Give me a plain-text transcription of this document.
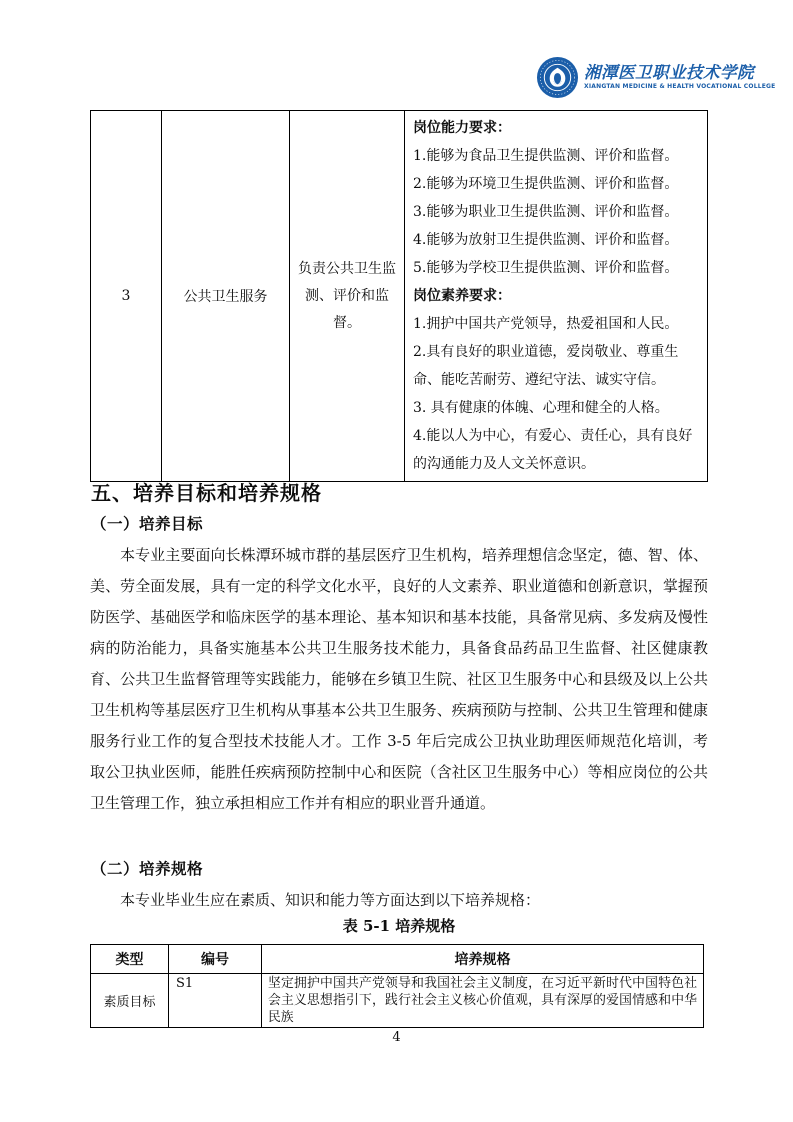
湘潭医卫职业技术学院
XIANGTAN MEDICINE & HEALTH VOCATIONAL COLLEGE
3	公共卫生服务	负责公共卫生监测、评价和监督。	

岗位能力要求：

1.能够为食品卫生提供监测、评价和监督。

2.能够为环境卫生提供监测、评价和监督。

3.能够为职业卫生提供监测、评价和监督。

4.能够为放射卫生提供监测、评价和监督。

5.能够为学校卫生提供监测、评价和监督。

岗位素养要求：

1.拥护中国共产党领导，热爱祖国和人民。

2.具有良好的职业道德，爱岗敬业、尊重生命、能吃苦耐劳、遵纪守法、诚实守信。

3. 具有健康的体魄、心理和健全的人格。

4.能以人为中心，有爱心、责任心，具有良好的沟通能力及人文关怀意识。

五、培养目标和培养规格
（一）培养目标
本专业主要面向长株潭环城市群的基层医疗卫生机构，培养理想信念坚定，德、智、体、美、劳全面发展，具有一定的科学文化水平，良好的人文素养、职业道德和创新意识，掌握预防医学、基础医学和临床医学的基本理论、基本知识和基本技能，具备常见病、多发病及慢性病的防治能力，具备实施基本公共卫生服务技术能力，具备食品药品卫生监督、社区健康教育、公共卫生监督管理等实践能力，能够在乡镇卫生院、社区卫生服务中心和县级及以上公共卫生机构等基层医疗卫生机构从事基本公共卫生服务、疾病预防与控制、公共卫生管理和健康服务行业工作的复合型技术技能人才。工作 3-5 年后完成公卫执业助理医师规范化培训，考取公卫执业医师，能胜任疾病预防控制中心和医院（含社区卫生服务中心）等相应岗位的公共卫生管理工作，独立承担相应工作并有相应的职业晋升通道。
（二）培养规格
本专业毕业生应在素质、知识和能力等方面达到以下培养规格：
表 5-1 培养规格
类型	编号	培养规格
素质目标	S1	坚定拥护中国共产党领导和我国社会主义制度，在习近平新时代中国特色社会主义思想指引下，践行社会主义核心价值观，具有深厚的爱国情感和中华民族
4
